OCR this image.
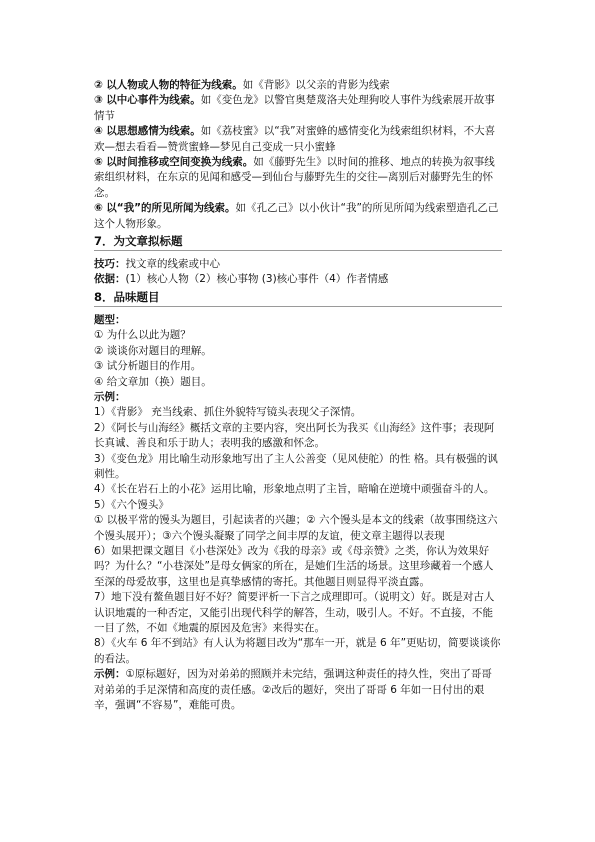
② 以人物或人物的特征为线索。如《背影》以父亲的背影为线索

③ 以中心事件为线索。如《变色龙》以警官奥楚蔑洛夫处理狗咬人事件为线索展开故事情节

④ 以思想感情为线索。如《荔枝蜜》以“我”对蜜蜂的感情变化为线索组织材料，不大喜欢—想去看看—赞赏蜜蜂—梦见自己变成一只小蜜蜂

⑤ 以时间推移或空间变换为线索。如《藤野先生》以时间的推移、地点的转换为叙事线索组织材料，在东京的见闻和感受—到仙台与藤野先生的交往—离别后对藤野先生的怀念。

⑥ 以“我”的所见所闻为线索。如《孔乙己》以小伙计“我”的所见所闻为线索塑造孔乙己这个人物形象。

7．为文章拟标题

技巧：找文章的线索或中心

依据：(1）核心人物（2）核心事物 (3)核心事件（4）作者情感

8．品味题目

题型：

① 为什么以此为题？

② 谈谈你对题目的理解。

③ 试分析题目的作用。

④ 给文章加（换）题目。

示例：

1）《背影》 充当线索、抓住外貌特写镜头表现父子深情。

2）《阿长与山海经》概括文章的主要内容，突出阿长为我买《山海经》这件事；表现阿长真诚、善良和乐于助人；表明我的感激和怀念。

3）《变色龙》用比喻生动形象地写出了主人公善变（见风使舵）的性 格。具有极强的讽刺性。

4）《长在岩石上的小花》运用比喻，形象地点明了主旨，暗喻在逆境中顽强奋斗的人。

5）《六个馒头》

① 以极平常的馒头为题目，引起读者的兴趣；② 六个馒头是本文的线索（故事围绕这六个馒头展开）；③六个馒头凝聚了同学之间丰厚的友谊，使文章主题得以表现

6）如果把课文题目《小巷深处》改为《我的母亲》或《母亲赞》之类，你认为效果好吗？为什么？“小巷深处”是母女俩家的所在，是她们生活的场景。这里珍藏着一个感人至深的母爱故事，这里也是真挚感情的寄托。其他题目则显得平淡直露。

7）地下没有鳌鱼题目好不好？简要评析一下言之成理即可。（说明文）好。既是对古人认识地震的一种否定，又能引出现代科学的解答，生动，吸引人。不好。不直接，不能一目了然，不如《地震的原因及危害》来得实在。

8）《火车 6 年不到站》有人认为将题目改为“那车一开，就是 6 年”更贴切，简要谈谈你的看法。

示例：①原标题好，因为对弟弟的照顾并未完结，强调这种责任的持久性，突出了哥哥对弟弟的手足深情和高度的责任感。②改后的题好，突出了哥哥 6 年如一日付出的艰辛，强调“不容易”，难能可贵。
